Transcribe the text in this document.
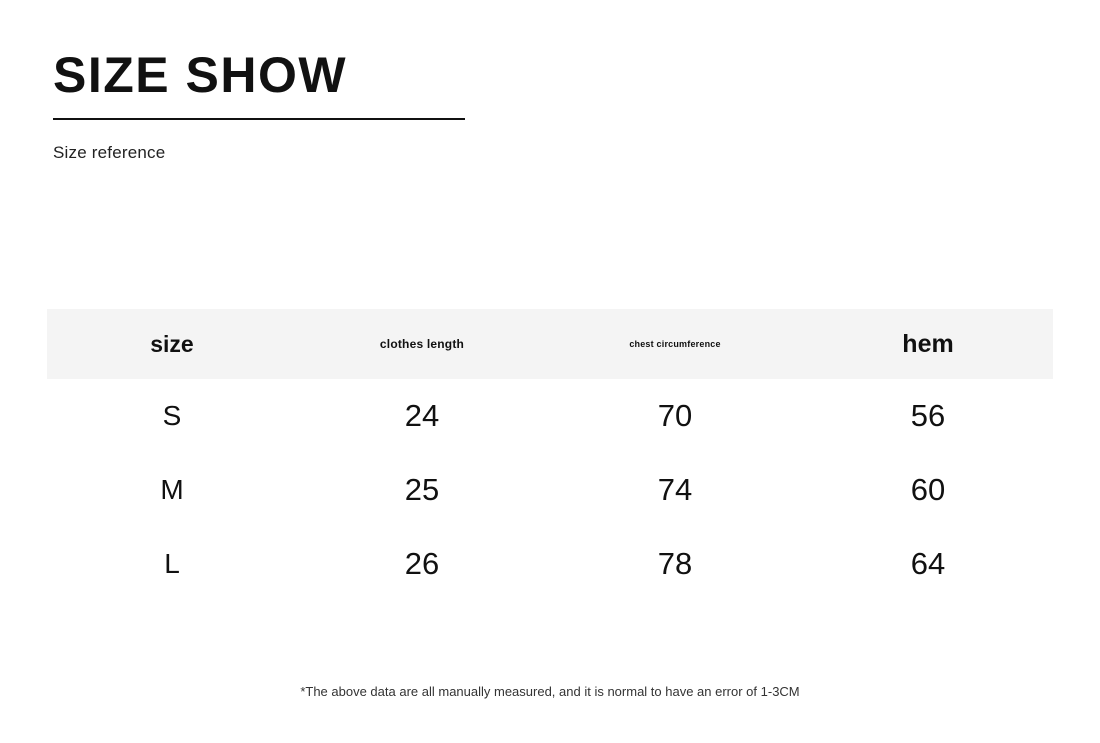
SIZE SHOW
Size reference
size	clothes length	chest circumference	hem
S	24	70	56
M	25	74	60
L	26	78	64
*The above data are all manually measured, and it is normal to have an error of 1-3CM
